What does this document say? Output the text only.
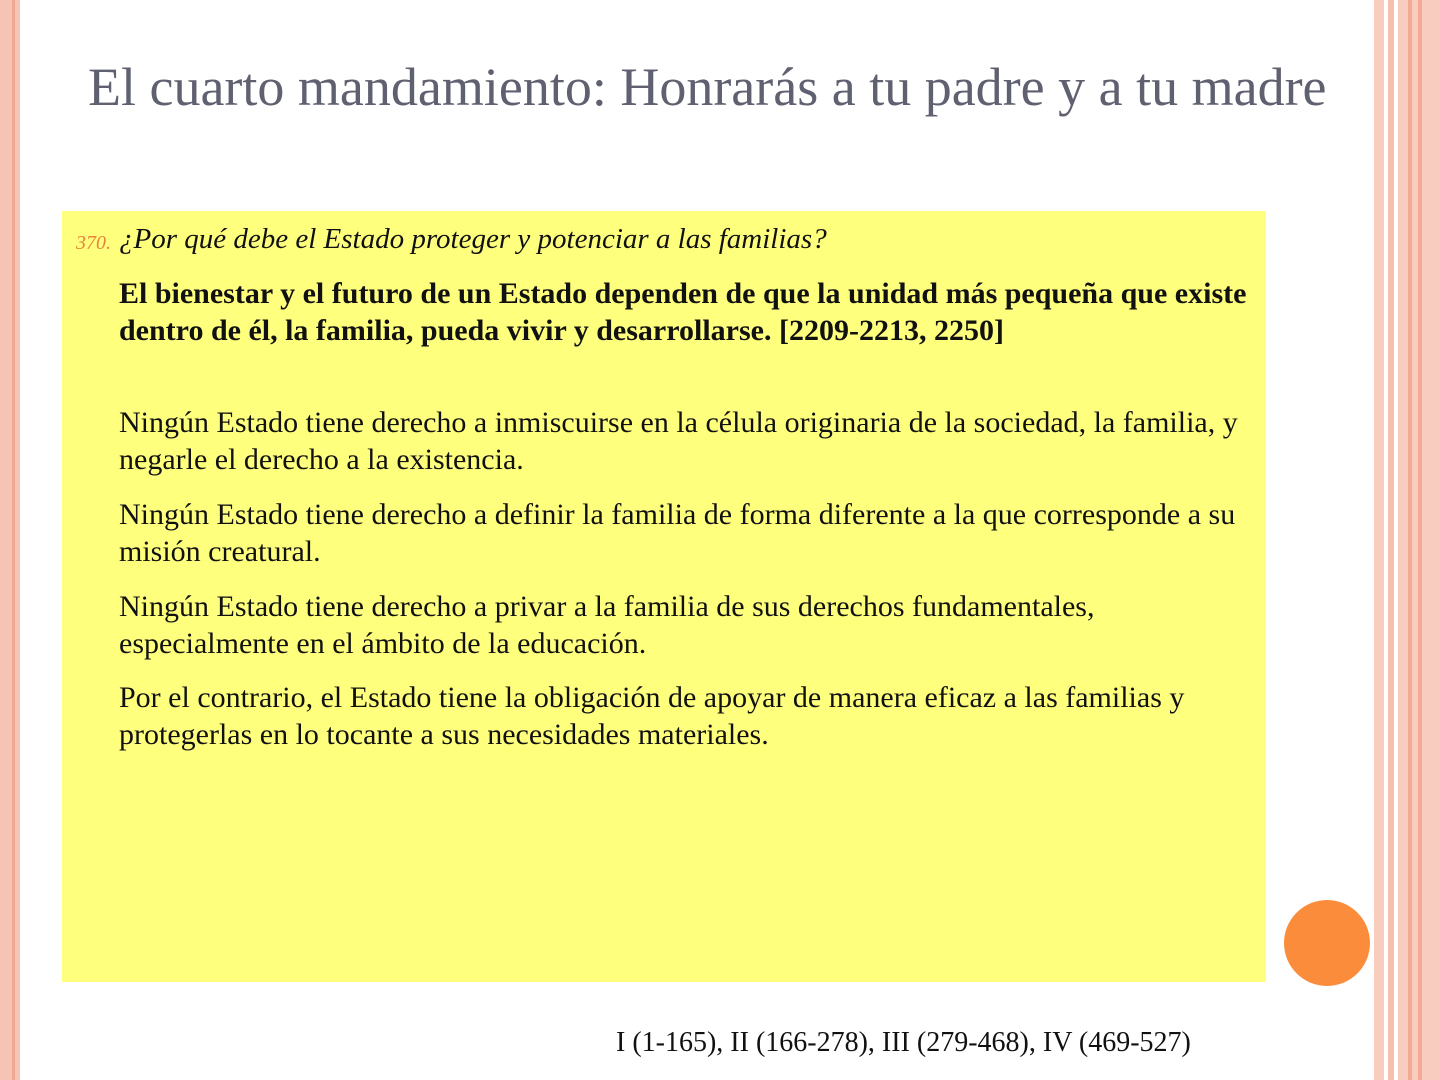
El cuarto mandamiento: Honrarás a tu padre y a tu madre
370. ¿Por qué debe el Estado proteger y potenciar a las familias?

El bienestar y el futuro de un Estado dependen de que la unidad más pequeña que existe dentro de él, la familia, pueda vivir y desarrollarse. [2209-2213, 2250]

Ningún Estado tiene derecho a inmiscuirse en la célula originaria de la sociedad, la familia, y negarle el derecho a la existencia.

Ningún Estado tiene derecho a definir la familia de forma diferente a la que corresponde a su misión creatural.

Ningún Estado tiene derecho a privar a la familia de sus derechos fundamentales, especialmente en el ámbito de la educación.

Por el contrario, el Estado tiene la obligación de apoyar de manera eficaz a las familias y protegerlas en lo tocante a sus necesidades materiales.

I (1-165), II (166-278), III (279-468), IV (469-527)
